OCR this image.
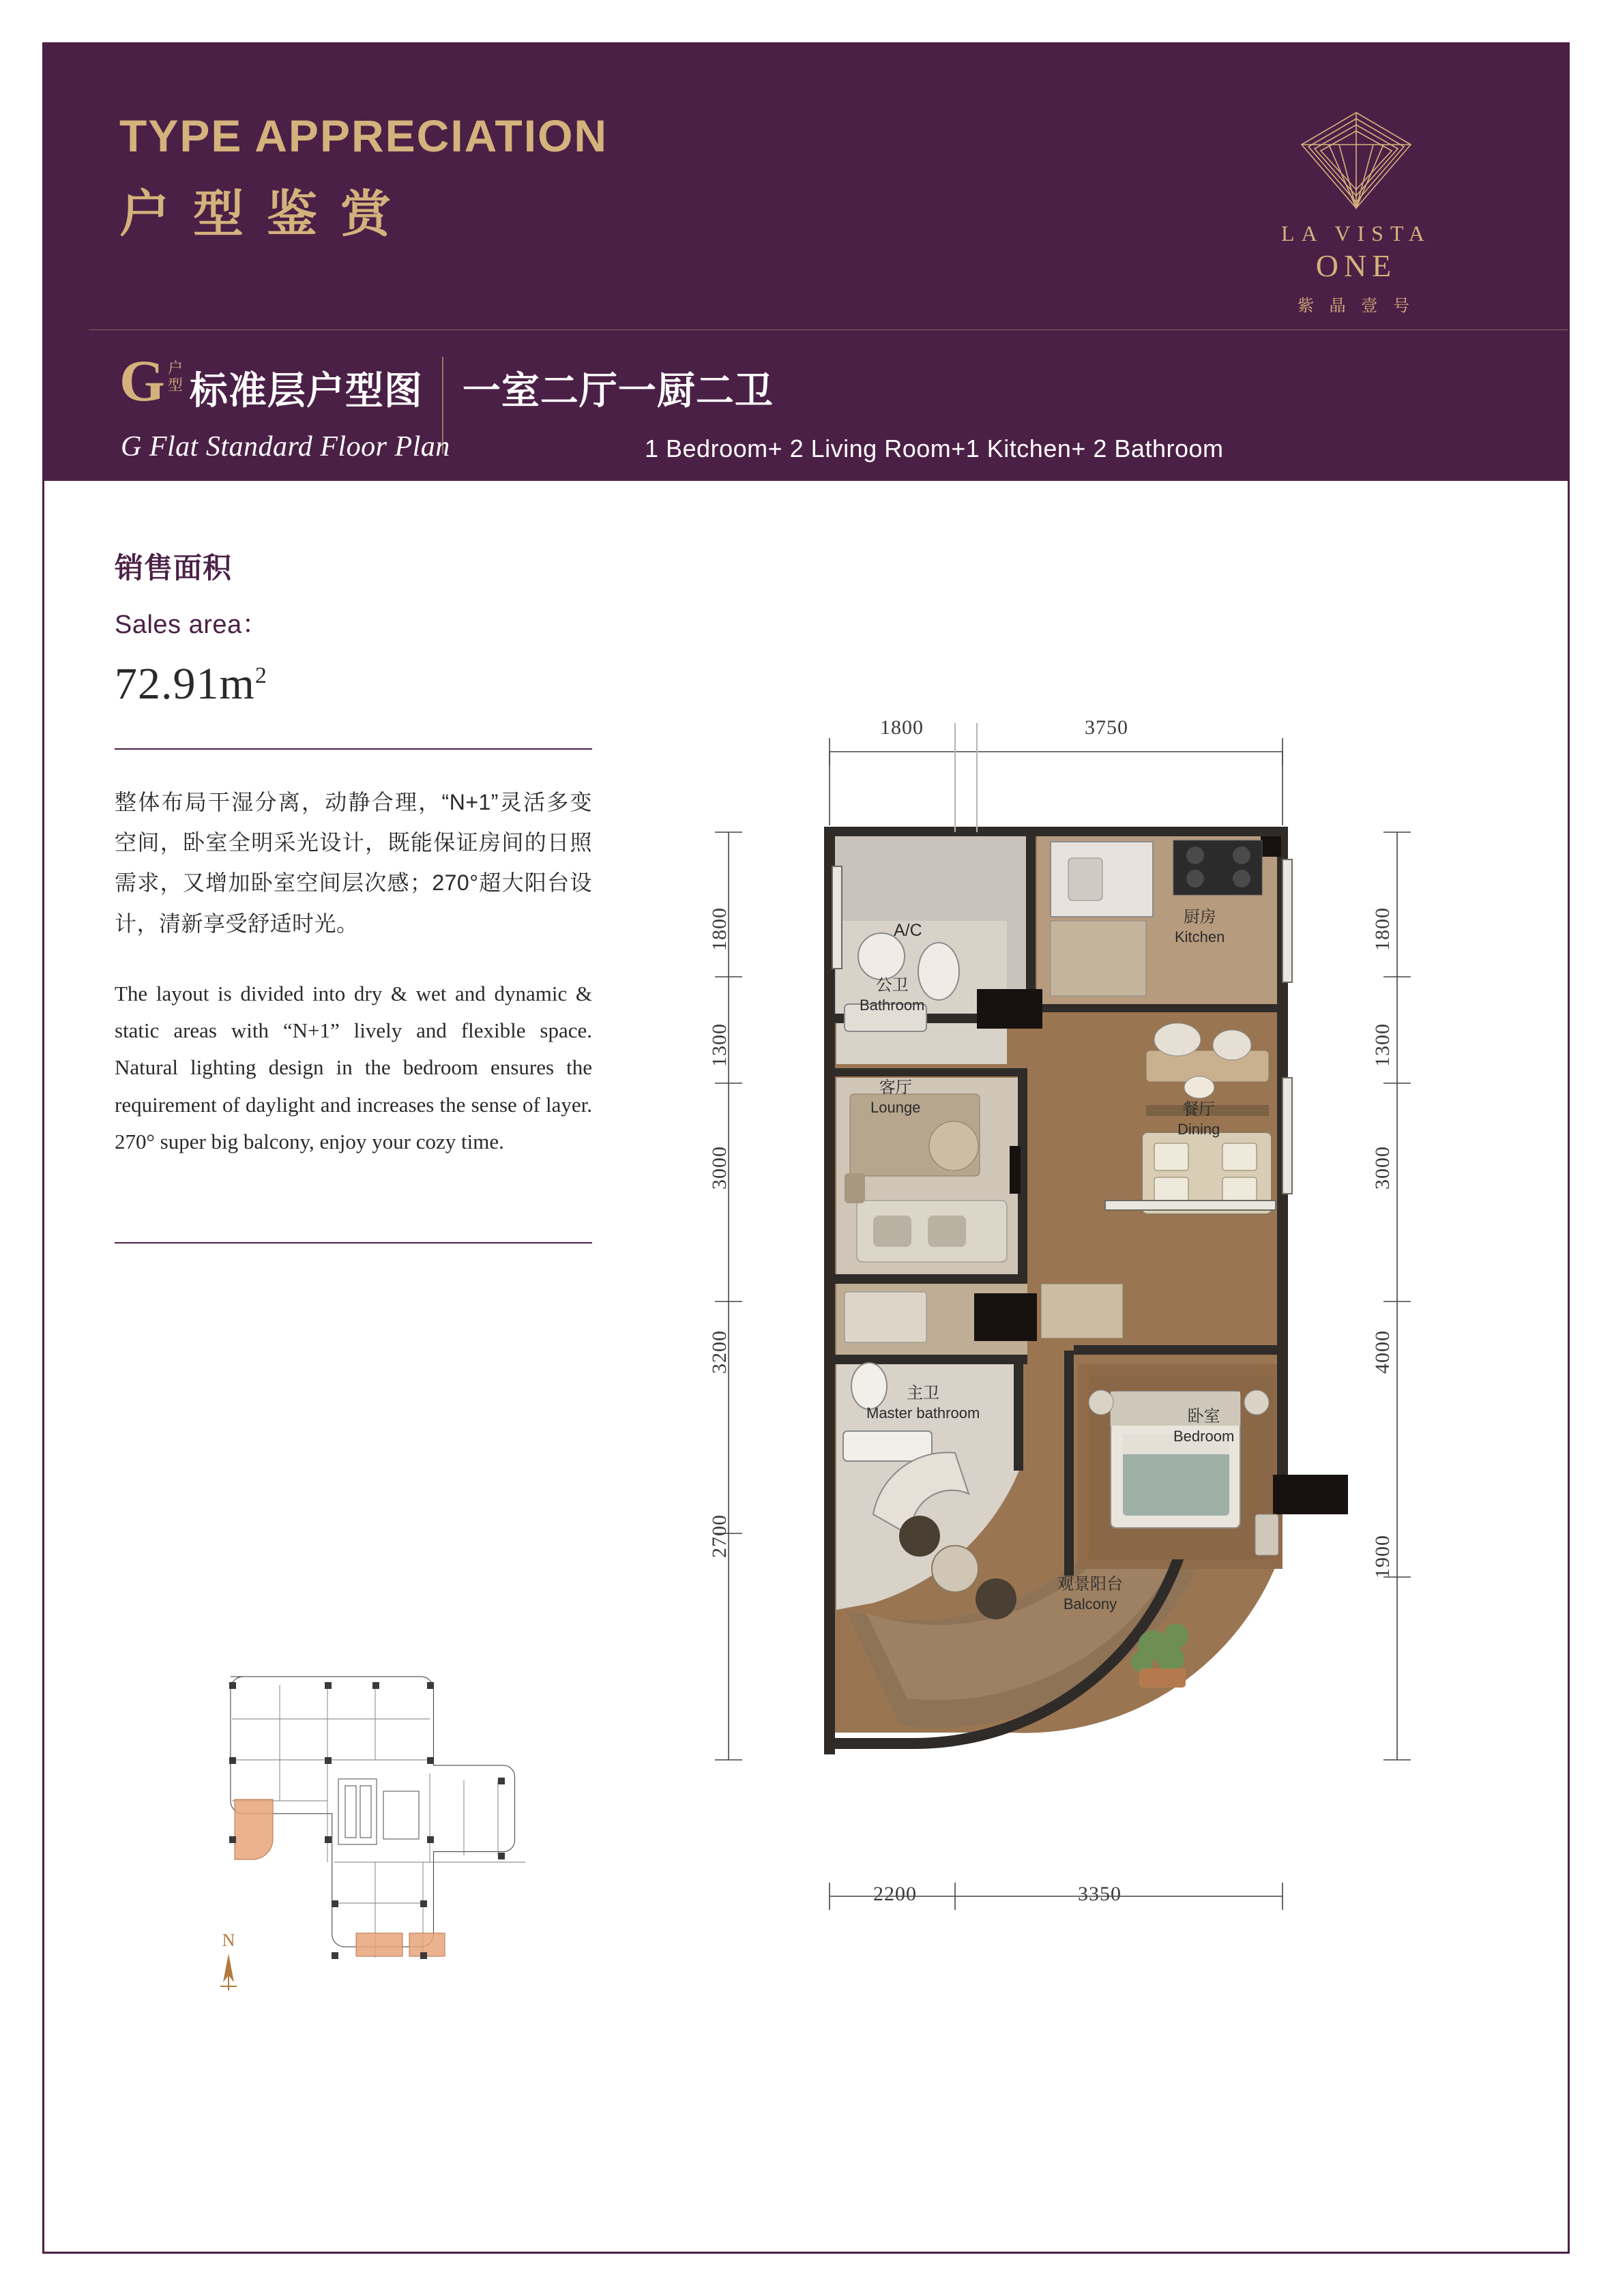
TYPE APPRECIATION
户型鉴赏	LA VISTA
ONE
紫 晶 壹 号
G 户
型 标准层户型图 一室二厅一厨二卫
G Flat Standard Floor Plan	1 Bedroom+ 2 Living Room+1 Kitchen+ 2 Bathroom
销售面积
Sales area：
$72.91m^2$
整体布局干湿分离，动静合理，“N+1”灵活多变空间，卧室全明采光设计，既能保证房间的日照需求，又增加卧室空间层次感；270°超大阳台设计，清新享受舒适时光。
The layout is divided into dry & wet and dynamic & static areas with “N+1” lively and flexible space. Natural lighting design in the bedroom ensures the requirement of daylight and increases the sense of layer. 270° super big balcony, enjoy your cozy time.
N
1800	3750
2200	3350
1800
1300
3000
3200
2700
1800
1300
3000
4000
1900
A/C
厨房
Kitchen
公卫
Bathroom
客厅
Lounge	餐厅
Dining
主卫
Master bathroom	卧室
Bedroom
观景阳台
Balcony
